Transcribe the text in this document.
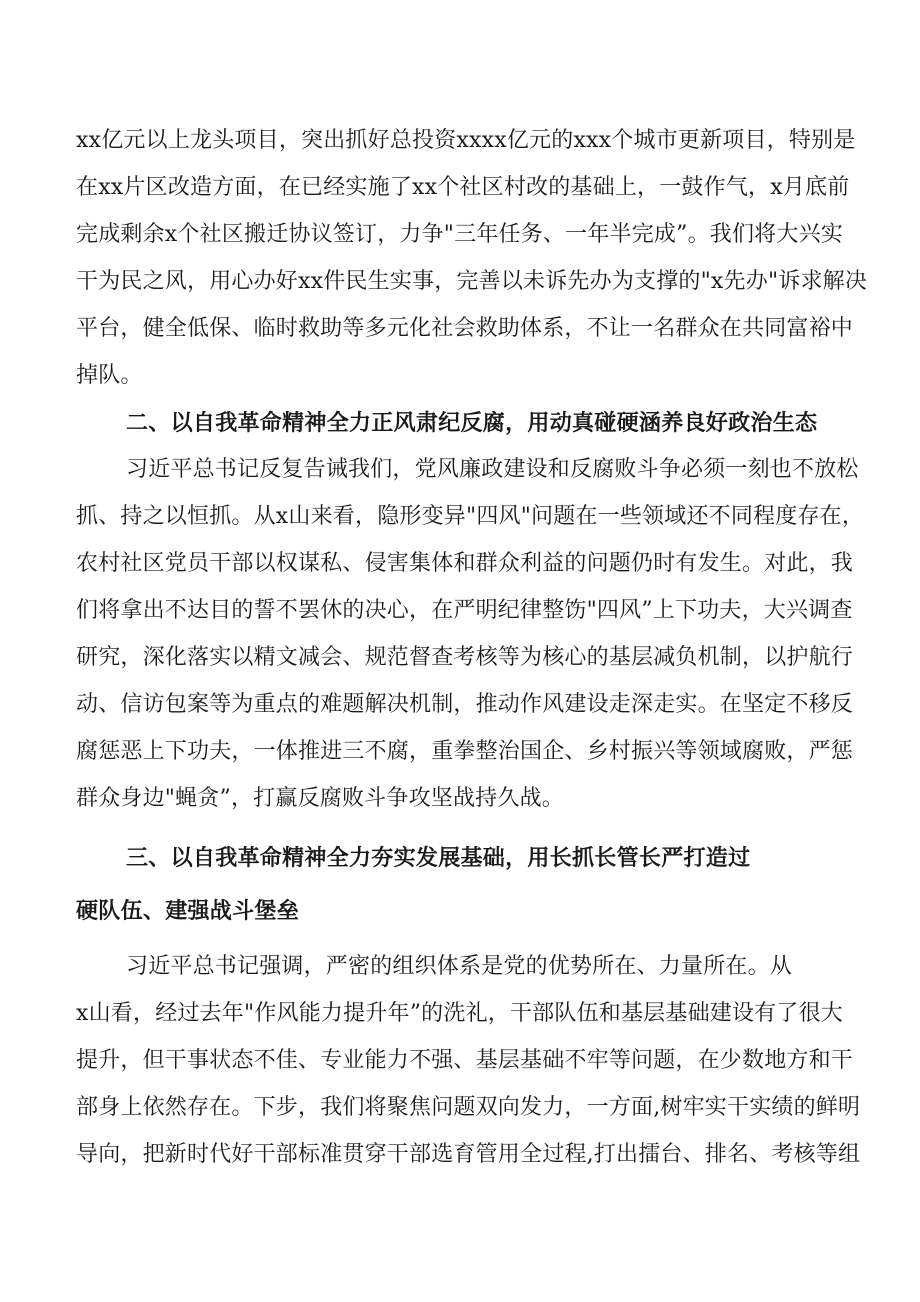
xx亿元以上龙头项目，突出抓好总投资xxxx亿元的xxx个城市更新项目，特别是
在xx片区改造方面，在已经实施了xx个社区村改的基础上，一鼓作气，x月底前
完成剩余x个社区搬迁协议签订，力争"三年任务、一年半完成”。我们将大兴实
干为民之风，用心办好xx件民生实事，完善以未诉先办为支撑的"x先办"诉求解决
平台，健全低保、临时救助等多元化社会救助体系，不让一名群众在共同富裕中
掉队。
二、以自我革命精神全力正风肃纪反腐，用动真碰硬涵养良好政治生态
习近平总书记反复告诫我们，党风廉政建设和反腐败斗争必须一刻也不放松
抓、持之以恒抓。从x山来看，隐形变异"四风"问题在一些领域还不同程度存在，
农村社区党员干部以权谋私、侵害集体和群众利益的问题仍时有发生。对此，我
们将拿出不达目的誓不罢休的决心，在严明纪律整饬"四风”上下功夫，大兴调查
研究，深化落实以精文减会、规范督查考核等为核心的基层减负机制，以护航行
动、信访包案等为重点的难题解决机制，推动作风建设走深走实。在坚定不移反
腐惩恶上下功夫，一体推进三不腐，重拳整治国企、乡村振兴等领域腐败，严惩
群众身边"蝇贪”，打赢反腐败斗争攻坚战持久战。
三、以自我革命精神全力夯实发展基础，用长抓长管长严打造过
硬队伍、建强战斗堡垒
习近平总书记强调，严密的组织体系是党的优势所在、力量所在。从
x山看，经过去年"作风能力提升年”的洗礼，干部队伍和基层基础建设有了很大
提升，但干事状态不佳、专业能力不强、基层基础不牢等问题，在少数地方和干
部身上依然存在。下步，我们将聚焦问题双向发力，一方面,树牢实干实绩的鲜明
导向，把新时代好干部标准贯穿干部选育管用全过程,打出擂台、排名、考核等组
